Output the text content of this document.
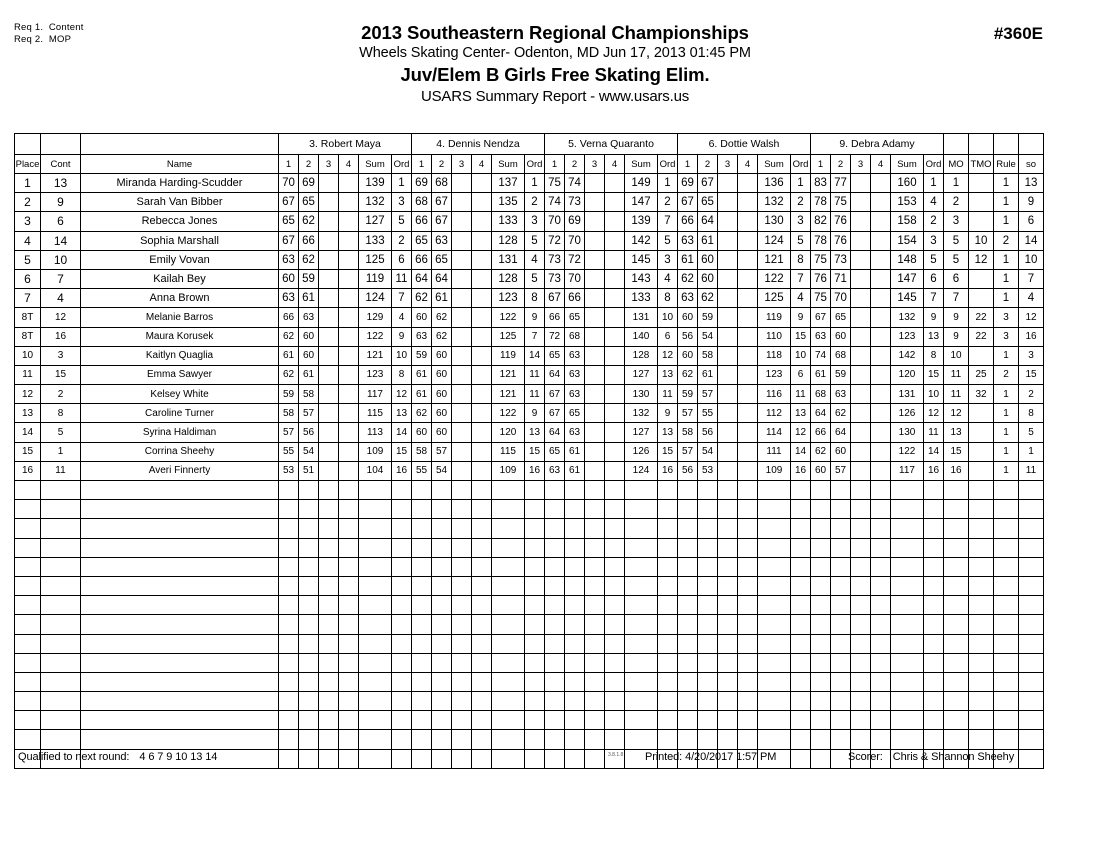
Req 1.  Content
Req 2.  MOP	2013 Southeastern Regional Championships
Wheels Skating Center- Odenton, MD Jun 17, 2013 01:45 PM
Juv/Elem B Girls Free Skating Elim.
USARS Summary Report - www.usars.us
#360E
			3. Robert Maya						4. Dennis Nendza						5. Verna Quaranto						6. Dottie Walsh						9. Debra Adamy									
Place	Cont	Name	1	2	3	4	Sum	Ord	1	2	3	4	Sum	Ord	1	2	3	4	Sum	Ord	1	2	3	4	Sum	Ord	1	2	3	4	Sum	Ord	MO	TMO	Rule	so
1	13	Miranda Harding-Scudder	70	69			139	1	69	68			137	1	75	74			149	1	69	67			136	1	83	77			160	1	1		1	13
2	9	Sarah Van Bibber	67	65			132	3	68	67			135	2	74	73			147	2	67	65			132	2	78	75			153	4	2		1	9
3	6	Rebecca Jones	65	62			127	5	66	67			133	3	70	69			139	7	66	64			130	3	82	76			158	2	3		1	6
4	14	Sophia Marshall	67	66			133	2	65	63			128	5	72	70			142	5	63	61			124	5	78	76			154	3	5	10	2	14
5	10	Emily Vovan	63	62			125	6	66	65			131	4	73	72			145	3	61	60			121	8	75	73			148	5	5	12	1	10
6	7	Kailah Bey	60	59			119	11	64	64			128	5	73	70			143	4	62	60			122	7	76	71			147	6	6		1	7
7	4	Anna Brown	63	61			124	7	62	61			123	8	67	66			133	8	63	62			125	4	75	70			145	7	7		1	4
8T	12	Melanie Barros	66	63			129	4	60	62			122	9	66	65			131	10	60	59			119	9	67	65			132	9	9	22	3	12
8T	16	Maura Korusek	62	60			122	9	63	62			125	7	72	68			140	6	56	54			110	15	63	60			123	13	9	22	3	16
10	3	Kaitlyn Quaglia	61	60			121	10	59	60			119	14	65	63			128	12	60	58			118	10	74	68			142	8	10		1	3
11	15	Emma Sawyer	62	61			123	8	61	60			121	11	64	63			127	13	62	61			123	6	61	59			120	15	11	25	2	15
12	2	Kelsey White	59	58			117	12	61	60			121	11	67	63			130	11	59	57			116	11	68	63			131	10	11	32	1	2
13	8	Caroline Turner	58	57			115	13	62	60			122	9	67	65			132	9	57	55			112	13	64	62			126	12	12		1	8
14	5	Syrina Haldiman	57	56			113	14	60	60			120	13	64	63			127	13	58	56			114	12	66	64			130	11	13		1	5
15	1	Corrina Sheehy	55	54			109	15	58	57			115	15	65	61			126	15	57	54			111	14	62	60			122	14	15		1	1
16	11	Averi Finnerty	53	51			104	16	55	54			109	16	63	61			124	16	56	53			109	16	60	57			117	16	16		1	11

Qualified to next round: 4 6 7 9 10 13 14	3.8.1.8 Printed: 4/20/2017 1:57 PM	Scorer: Chris & Shannon Sheehy
